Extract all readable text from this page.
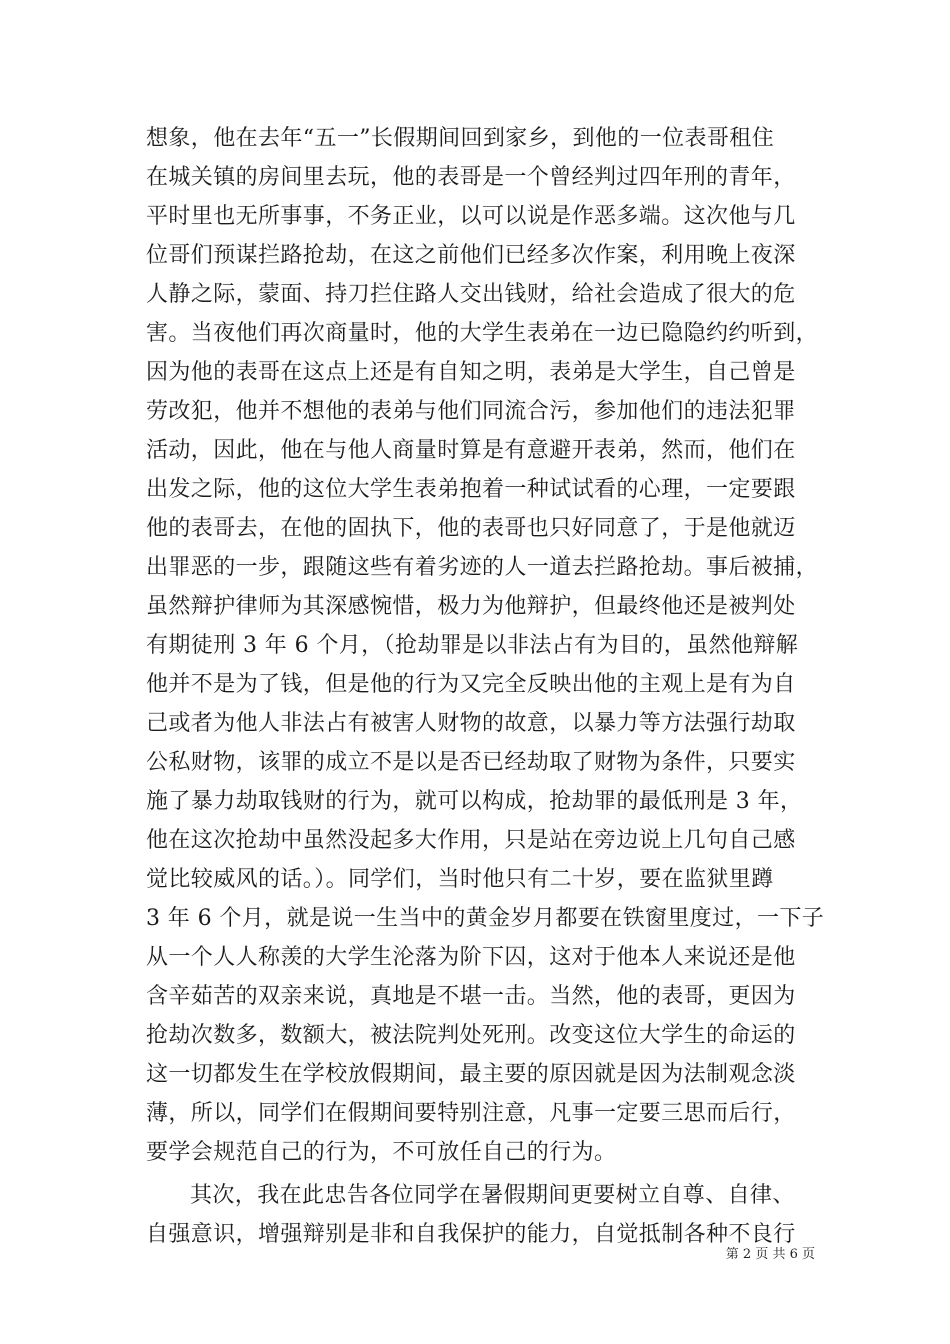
想象，他在去年“五一”长假期间回到家乡，到他的一位表哥租住
在城关镇的房间里去玩，他的表哥是一个曾经判过四年刑的青年，
平时里也无所事事，不务正业，以可以说是作恶多端。这次他与几
位哥们预谋拦路抢劫，在这之前他们已经多次作案，利用晚上夜深
人静之际，蒙面、持刀拦住路人交出钱财，给社会造成了很大的危
害。当夜他们再次商量时，他的大学生表弟在一边已隐隐约约听到，
因为他的表哥在这点上还是有自知之明，表弟是大学生，自己曾是
劳改犯，他并不想他的表弟与他们同流合污，参加他们的违法犯罪
活动，因此，他在与他人商量时算是有意避开表弟，然而，他们在
出发之际，他的这位大学生表弟抱着一种试试看的心理，一定要跟
他的表哥去，在他的固执下，他的表哥也只好同意了，于是他就迈
出罪恶的一步，跟随这些有着劣迹的人一道去拦路抢劫。事后被捕，
虽然辩护律师为其深感惋惜，极力为他辩护，但最终他还是被判处
有期徒刑 3 年 6 个月，（抢劫罪是以非法占有为目的，虽然他辩解
他并不是为了钱，但是他的行为又完全反映出他的主观上是有为自
己或者为他人非法占有被害人财物的故意，以暴力等方法强行劫取
公私财物，该罪的成立不是以是否已经劫取了财物为条件，只要实
施了暴力劫取钱财的行为，就可以构成，抢劫罪的最低刑是 3 年，
他在这次抢劫中虽然没起多大作用，只是站在旁边说上几句自己感
觉比较威风的话。）。同学们，当时他只有二十岁，要在监狱里蹲
3 年 6 个月，就是说一生当中的黄金岁月都要在铁窗里度过，一下子
从一个人人称羡的大学生沦落为阶下囚，这对于他本人来说还是他
含辛茹苦的双亲来说，真地是不堪一击。当然，他的表哥，更因为
抢劫次数多，数额大，被法院判处死刑。改变这位大学生的命运的
这一切都发生在学校放假期间，最主要的原因就是因为法制观念淡
薄，所以，同学们在假期间要特别注意，凡事一定要三思而后行，
要学会规范自己的行为，不可放任自己的行为。
其次，我在此忠告各位同学在暑假期间更要树立自尊、自律、
自强意识，增强辩别是非和自我保护的能力，自觉抵制各种不良行
第 2 页 共 6 页
